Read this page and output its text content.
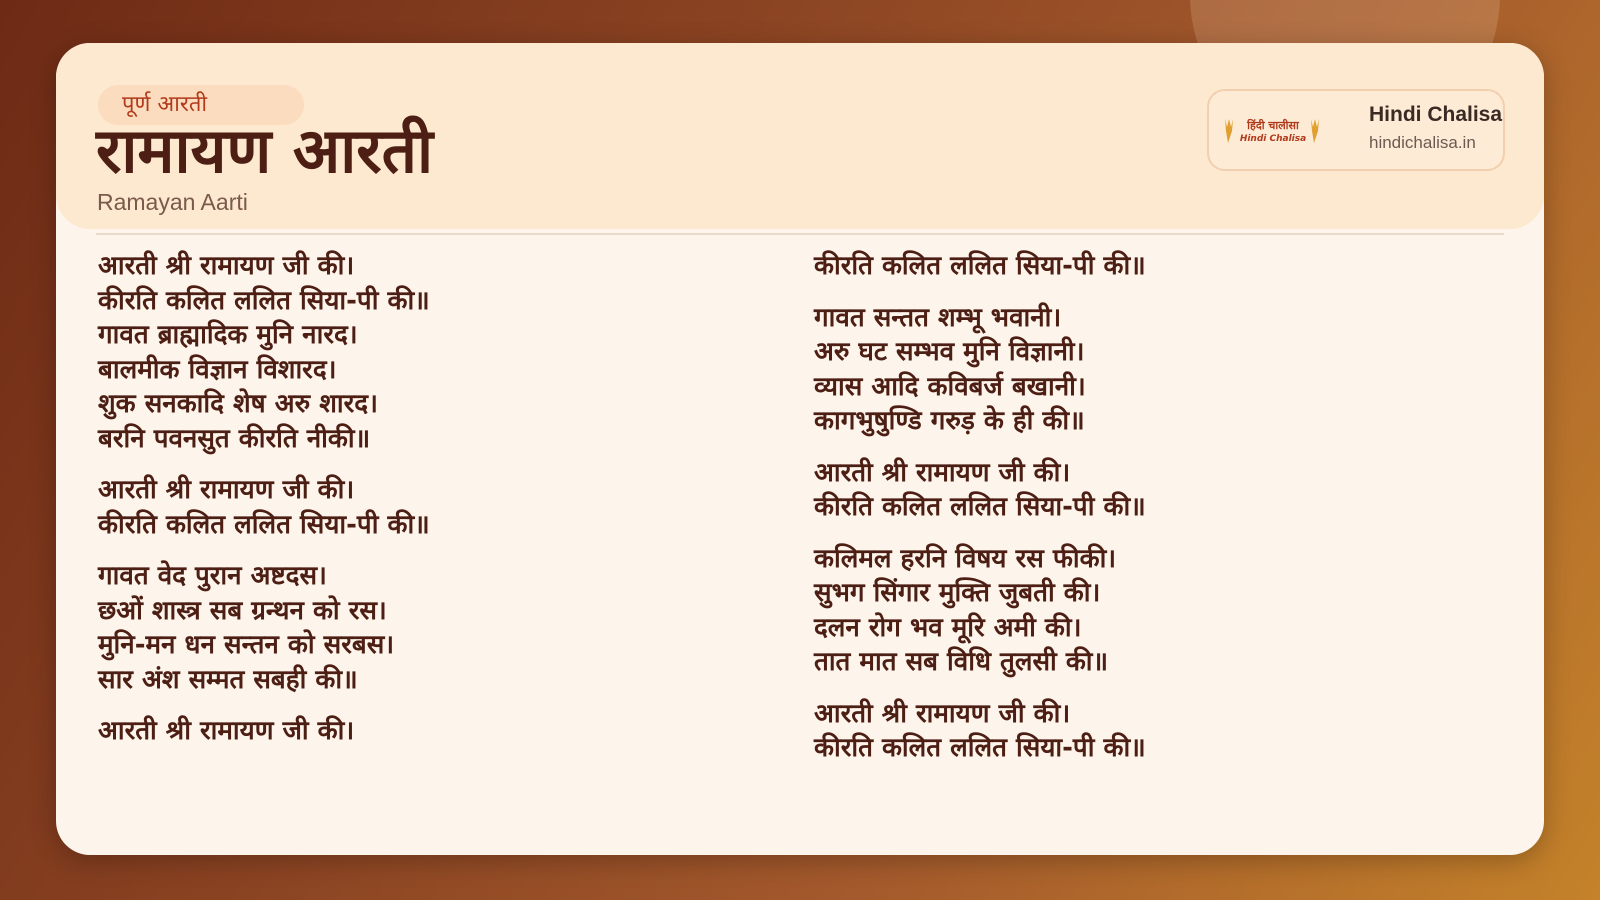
पूर्ण आरती
रामायण आरती
Ramayan Aarti
हिंदी चालीसा
Hindi Chalisa
Hindi Chalisa
hindichalisa.in
आरती श्री रामायण जी की।
कीरति कलित ललित सिया-पी की॥
गावत ब्राह्मादिक मुनि नारद।
बालमीक विज्ञान विशारद।
शुक सनकादि शेष अरु शारद।
बरनि पवनसुत कीरति नीकी॥
आरती श्री रामायण जी की।
कीरति कलित ललित सिया-पी की॥
गावत वेद पुरान अष्टदस।
छओं शास्त्र सब ग्रन्थन को रस।
मुनि-मन धन सन्तन को सरबस।
सार अंश सम्मत सबही की॥
आरती श्री रामायण जी की।
कीरति कलित ललित सिया-पी की॥
गावत सन्तत शम्भू भवानी।
अरु घट सम्भव मुनि विज्ञानी।
व्यास आदि कविबर्ज बखानी।
कागभुषुण्डि गरुड़ के ही की॥
आरती श्री रामायण जी की।
कीरति कलित ललित सिया-पी की॥
कलिमल हरनि विषय रस फीकी।
सुभग सिंगार मुक्ति जुबती की।
दलन रोग भव मूरि अमी की।
तात मात सब विधि तुलसी की॥
आरती श्री रामायण जी की।
कीरति कलित ललित सिया-पी की॥
